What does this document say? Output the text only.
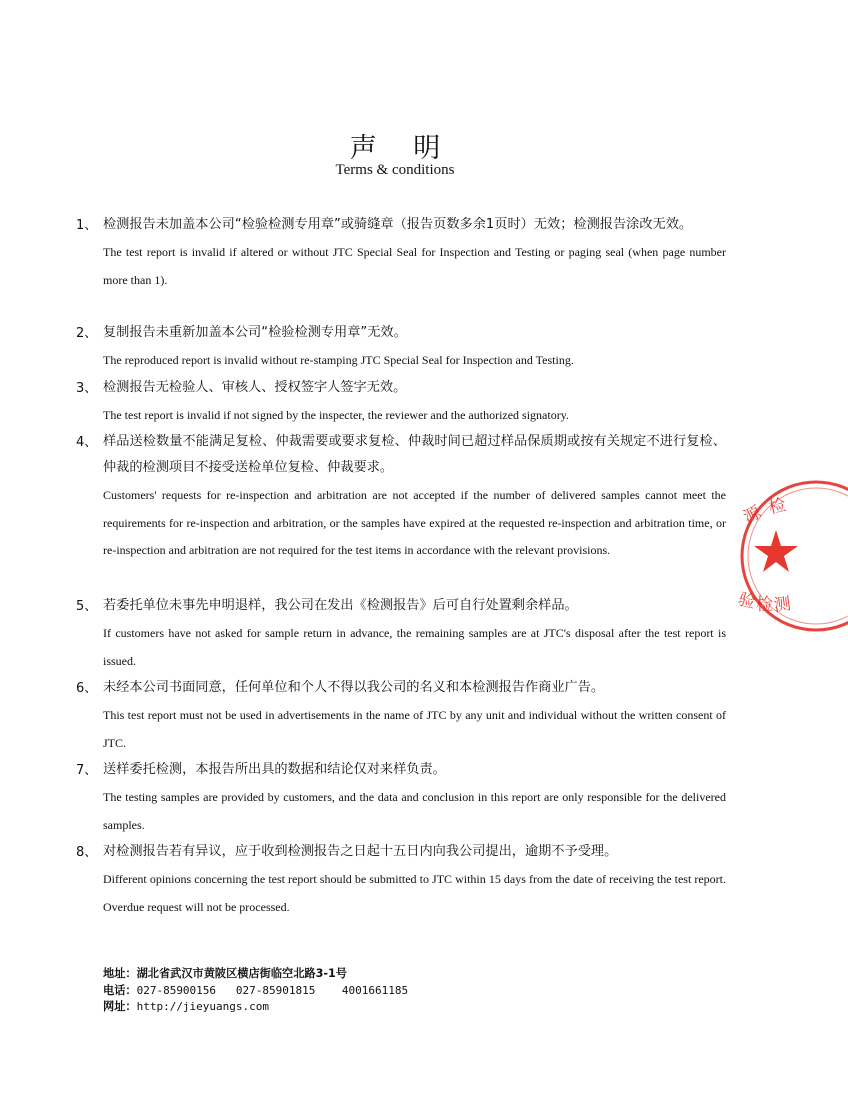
声 明
Terms & conditions
1、 检测报告未加盖本公司“检验检测专用章”或骑缝章（报告页数多余1页时）无效；检测报告涂改无效。
The test report is invalid if altered or without JTC Special Seal for Inspection and Testing or paging seal (when page number more than 1).
2、 复制报告未重新加盖本公司“检验检测专用章”无效。
The reproduced report is invalid without re-stamping JTC Special Seal for Inspection and Testing.
3、 检测报告无检验人、审核人、授权签字人签字无效。
The test report is invalid if not signed by the inspecter, the reviewer and the authorized signatory.
4、 样品送检数量不能满足复检、仲裁需要或要求复检、仲裁时间已超过样品保质期或按有关规定不进行复检、仲裁的检测项目不接受送检单位复检、仲裁要求。
Customers' requests for re-inspection and arbitration are not accepted if the number of delivered samples cannot meet the requirements for re-inspection and arbitration, or the samples have expired at the requested re-inspection and arbitration time, or re-inspection and arbitration are not required for the test items in accordance with the relevant provisions.
5、 若委托单位未事先申明退样，我公司在发出《检测报告》后可自行处置剩余样品。
If customers have not asked for sample return in advance, the remaining samples are at JTC's disposal after the test report is issued.
6、 未经本公司书面同意，任何单位和个人不得以我公司的名义和本检测报告作商业广告。
This test report must not be used in advertisements in the name of JTC by any unit and individual without the written consent of JTC.
7、 送样委托检测，本报告所出具的数据和结论仅对来样负责。
The testing samples are provided by customers, and the data and conclusion in this report are only responsible for the delivered samples.
8、 对检测报告若有异议，应于收到检测报告之日起十五日内向我公司提出，逾期不予受理。
Different opinions concerning the test report should be submitted to JTC within 15 days from the date of receiving the test report. Overdue request will not be processed.
地址：湖北省武汉市黄陂区横店街临空北路3-1号
电话：027-85900156   027-85901815    4001661185
网址：http://jieyuangs.com
源 检
验
检 测
